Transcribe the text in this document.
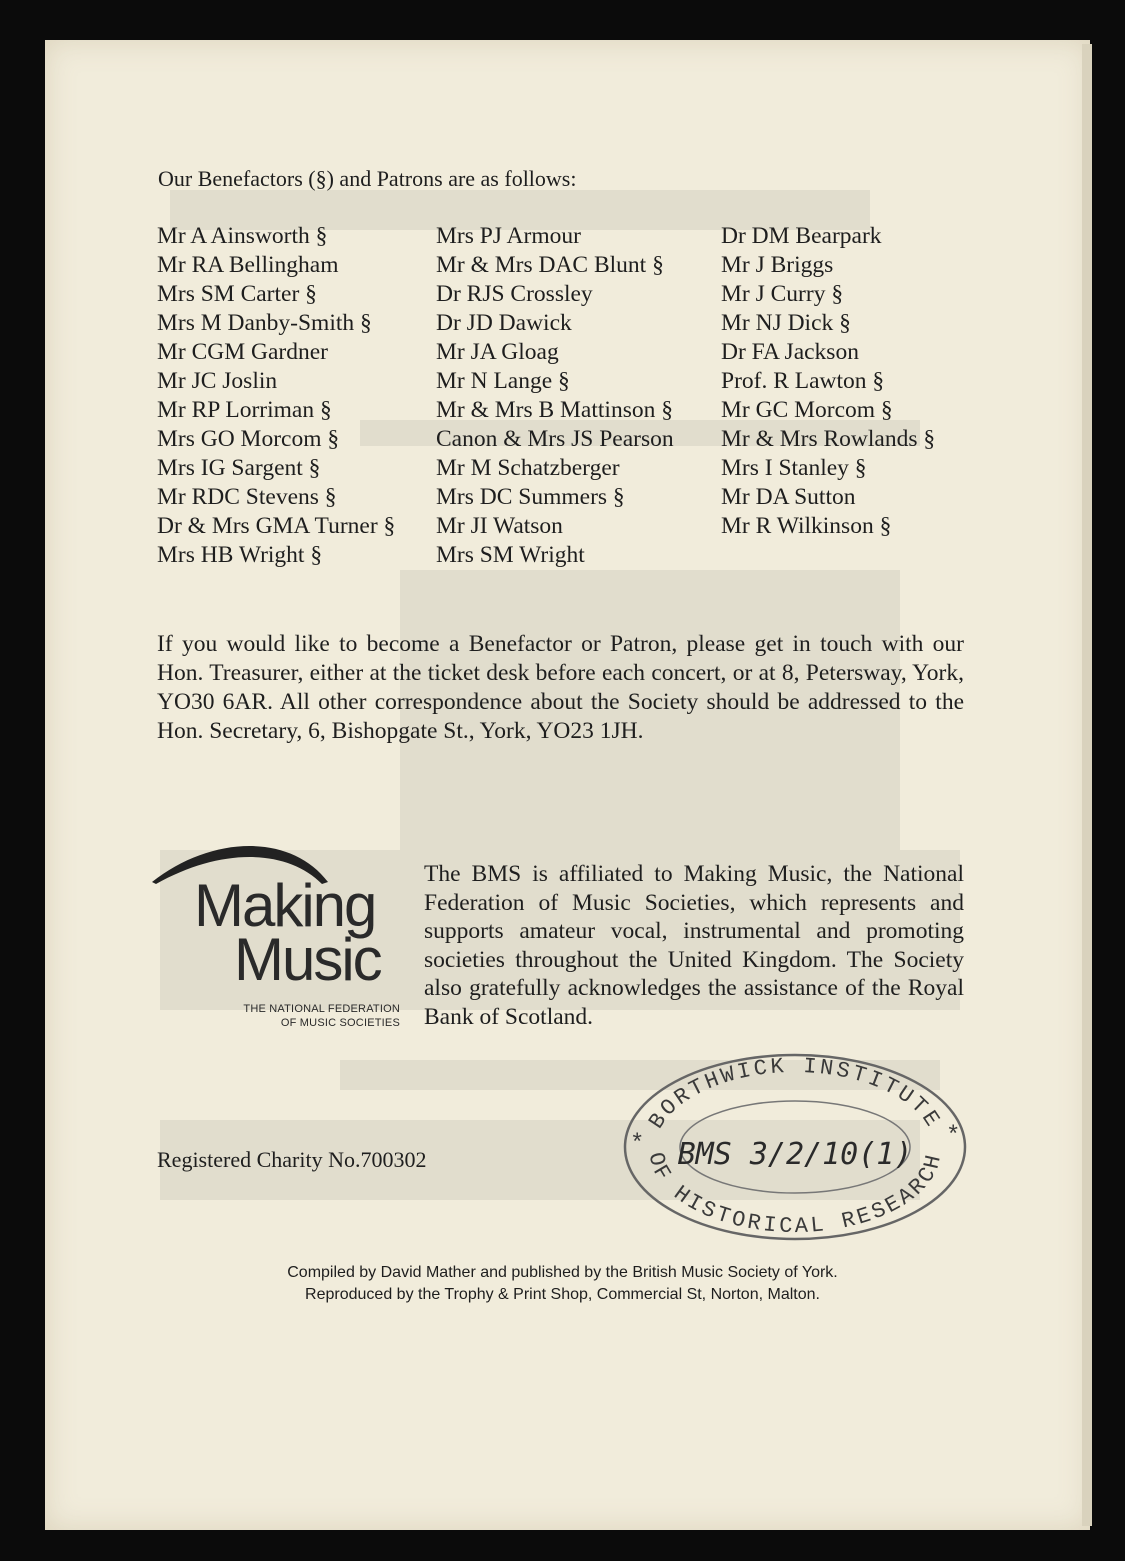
Our Benefactors (§) and Patrons are as follows:
Mr A Ainsworth §
Mr RA Bellingham
Mrs SM Carter §
Mrs M Danby-Smith §
Mr CGM Gardner
Mr JC Joslin
Mr RP Lorriman §
Mrs GO Morcom §
Mrs IG Sargent §
Mr RDC Stevens §
Dr & Mrs GMA Turner §
Mrs HB Wright §
Mrs PJ Armour
Mr & Mrs DAC Blunt §
Dr RJS Crossley
Dr JD Dawick
Mr JA Gloag
Mr N Lange §
Mr & Mrs B Mattinson §
Canon & Mrs JS Pearson
Mr M Schatzberger
Mrs DC Summers §
Mr JI Watson
Mrs SM Wright
Dr DM Bearpark
Mr J Briggs
Mr J Curry §
Mr NJ Dick §
Dr FA Jackson
Prof. R Lawton §
Mr GC Morcom §
Mr & Mrs Rowlands §
Mrs I Stanley §
Mr DA Sutton
Mr R Wilkinson §
If you would like to become a Benefactor or Patron, please get in touch with our Hon. Treasurer, either at the ticket desk before each concert, or at 8, Petersway, York, YO30 6AR. All other correspondence about the Society should be addressed to the Hon. Secretary, 6, Bishopgate St., York, YO23 1JH.
Making
Music
THE NATIONAL FEDERATION
OF MUSIC SOCIETIES
The BMS is affiliated to Making Music, the National Federation of Music Societies, which represents and supports amateur vocal, instrumental and promoting societies throughout the United Kingdom. The Society also gratefully acknowledges the assistance of the Royal Bank of Scotland.
Registered Charity No.700302
BORTHWICK INSTITUTE
OF HISTORICAL RESEARCH
*	*
BMS 3/2/10(1)
Compiled by David Mather and published by the British Music Society of York.
Reproduced by the Trophy & Print Shop, Commercial St, Norton, Malton.
